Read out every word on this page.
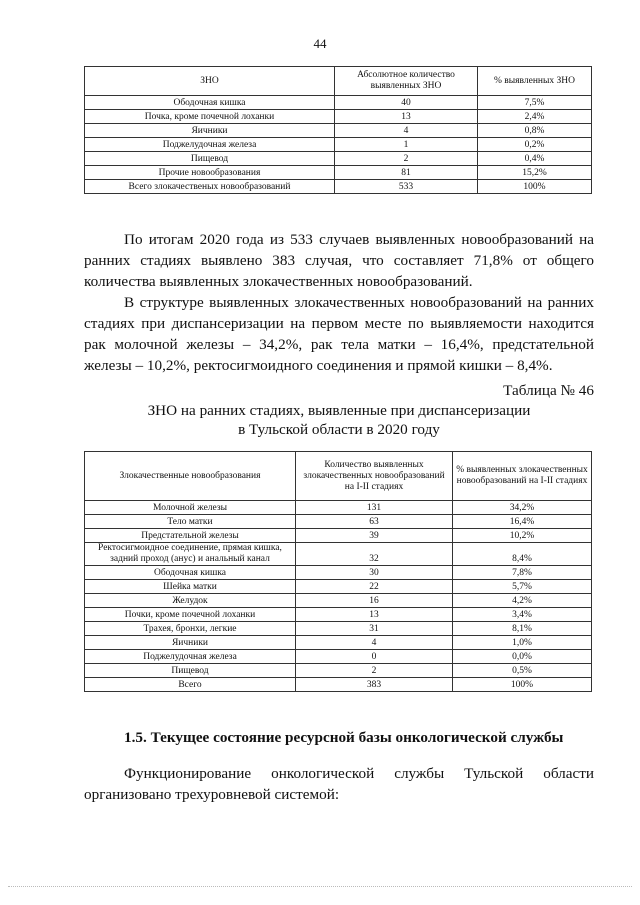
44
ЗНО	Абсолютное количество выявленных ЗНО	% выявленных ЗНО
Ободочная кишка	40	7,5%
Почка, кроме почечной лоханки	13	2,4%
Яичники	4	0,8%
Поджелудочная железа	1	0,2%
Пищевод	2	0,4%
Прочие новообразования	81	15,2%
Всего злокачественых новообразований	533	100%
По итогам 2020 года из 533 случаев выявленных новообразований на ранних стадиях выявлено 383 случая, что составляет 71,8% от общего количества выявленных злокачественных новообразований.
В структуре выявленных злокачественных новообразований на ранних стадиях при диспансеризации на первом месте по выявляемости находится рак молочной железы – 34,2%, рак тела матки – 16,4%, предстательной железы – 10,2%, ректосигмоидного соединения и прямой кишки – 8,4%.
Таблица № 46
ЗНО на ранних стадиях, выявленные при диспансеризации
в Тульской области в 2020 году
Злокачественные новообразования	Количество выявленных злокачественных новообразований на I-II стадиях	% выявленных злокачественных новообразований на I-II стадиях
Молочной железы	131	34,2%
Тело матки	63	16,4%
Предстательной железы	39	10,2%
Ректосигмоидное соединение, прямая кишка, задний проход (анус) и анальный канал	32	8,4%
Ободочная кишка	30	7,8%
Шейка матки	22	5,7%
Желудок	16	4,2%
Почки, кроме почечной лоханки	13	3,4%
Трахея, бронхи, легкие	31	8,1%
Яичники	4	1,0%
Поджелудочная железа	0	0,0%
Пищевод	2	0,5%
Всего	383	100%
1.5. Текущее состояние ресурсной базы онкологической службы
Функционирование онкологической службы Тульской области организовано трехуровневой системой:
